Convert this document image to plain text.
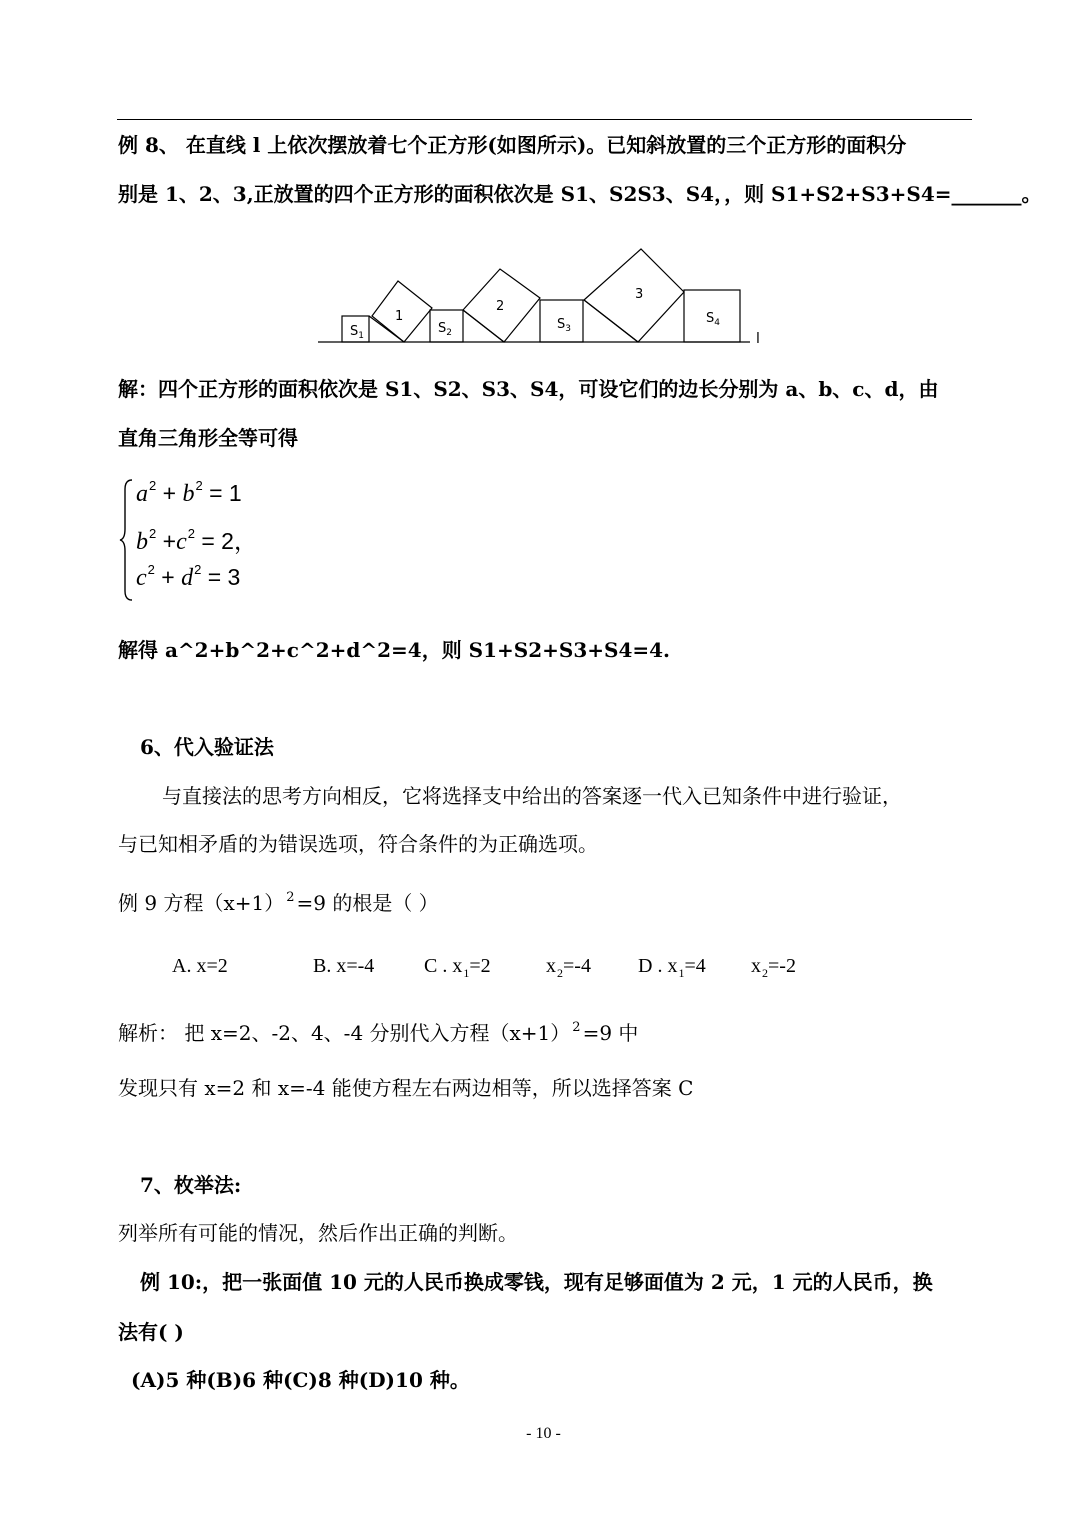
例 8、 在直线 l 上依次摆放着七个正方形(如图所示)。已知斜放置的三个正方形的面积分
别是 1、2、3,正放置的四个正方形的面积依次是 S1、S2S3、S4，，则 S1+S2+S3+S4=_______。
1
2
3
$S_1$	$S_2$
$S_3$
$S_4$
l
解：四个正方形的面积依次是 S1、S2、S3、S4，可设它们的边长分别为 a、b、c、d，由
直角三角形全等可得
$a^2 + b^2 = 1$
$b^2 +c^2 = 2$，
$c^2 + d^2 = 3$
解得 a^2+b^2+c^2+d^2=4，则 S1+S2+S3+S4=4.
6、代入验证法
与直接法的思考方向相反，它将选择支中给出的答案逐一代入已知条件中进行验证，
与已知相矛盾的为错误选项，符合条件的为正确选项。
例 9 方程（x+1） $^2$ =9 的根是（ ）
A. x=2	B. x=-4 C . $x_1=2$	$x_2=-4$ D . $x_1=4$ $x_2=-2$
解析： 把 x=2、-2、4、-4 分别代入方程（x+1） $^2$ =9 中
发现只有 x=2 和 x=-4 能使方程左右两边相等，所以选择答案 C
7、枚举法:
列举所有可能的情况，然后作出正确的判断。
例 10:，把一张面值 10 元的人民币换成零钱，现有足够面值为 2 元，1 元的人民币，换
法有( )
(A)5 种(B)6 种(C)8 种(D)10 种。
- 10 -
